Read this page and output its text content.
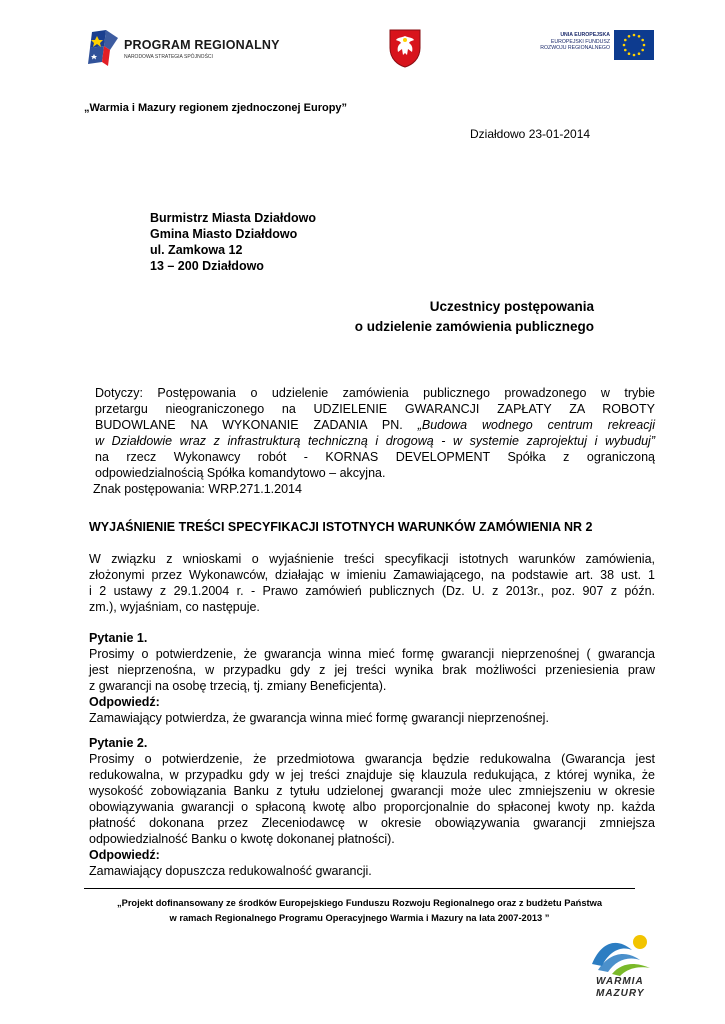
PROGRAM REGIONALNY
NARODOWA STRATEGIA SPÓJNOŚCI
UNIA EUROPEJSKA
EUROPEJSKI FUNDUSZ
ROZWOJU REGIONALNEGO
„Warmia i Mazury regionem zjednoczonej Europy”
Działdowo 23-01-2014
Burmistrz Miasta Działdowo
Gmina Miasto Działdowo
ul. Zamkowa 12
13 – 200 Działdowo
Uczestnicy postępowania
o udzielenie zamówienia publicznego
Dotyczy: Postępowania o udzielenie zamówienia publicznego prowadzonego w trybie
przetargu nieograniczonego na UDZIELENIE GWARANCJI ZAPŁATY ZA ROBOTY
BUDOWLANE NA WYKONANIE ZADANIA PN. „Budowa wodnego centrum rekreacji
w Działdowie wraz z infrastrukturą techniczną i drogową - w systemie zaprojektuj i wybuduj”
na rzecz Wykonawcy robót - KORNAS DEVELOPMENT Spółka z ograniczoną
odpowiedzialnością Spółka komandytowo – akcyjna.
Znak postępowania: WRP.271.1.2014
WYJAŚNIENIE TREŚCI SPECYFIKACJI ISTOTNYCH WARUNKÓW ZAMÓWIENIA NR 2
W związku z wnioskami o wyjaśnienie treści specyfikacji istotnych warunków zamówienia,
złożonymi przez Wykonawców, działając w imieniu Zamawiającego, na podstawie art. 38 ust. 1
i 2 ustawy z 29.1.2004 r. - Prawo zamówień publicznych (Dz. U. z 2013r., poz. 907 z późn.
zm.), wyjaśniam, co następuje.
Pytanie 1.
Prosimy o potwierdzenie, że gwarancja winna mieć formę gwarancji nieprzenośnej ( gwarancja
jest nieprzenośna, w przypadku gdy z jej treści wynika brak możliwości przeniesienia praw
z gwarancji na osobę trzecią, tj. zmiany Beneficjenta).
Odpowiedź:
Zamawiający potwierdza, że gwarancja winna mieć formę gwarancji nieprzenośnej.
Pytanie 2.
Prosimy o potwierdzenie, że przedmiotowa gwarancja będzie redukowalna (Gwarancja jest
redukowalna, w przypadku gdy w jej treści znajduje się klauzula redukująca, z której wynika, że
wysokość zobowiązania Banku z tytułu udzielonej gwarancji może ulec zmniejszeniu w okresie
obowiązywania gwarancji o spłaconą kwotę albo proporcjonalnie do spłaconej kwoty np. każda
płatność dokonana przez Zleceniodawcę w okresie obowiązywania gwarancji zmniejsza
odpowiedzialność Banku o kwotę dokonanej płatności).
Odpowiedź:
Zamawiający dopuszcza redukowalność gwarancji.
„Projekt dofinansowany ze środków Europejskiego Funduszu Rozwoju Regionalnego oraz z budżetu Państwa
w ramach Regionalnego Programu Operacyjnego Warmia i Mazury na lata 2007-2013 ”
WARMIA
MAZURY
